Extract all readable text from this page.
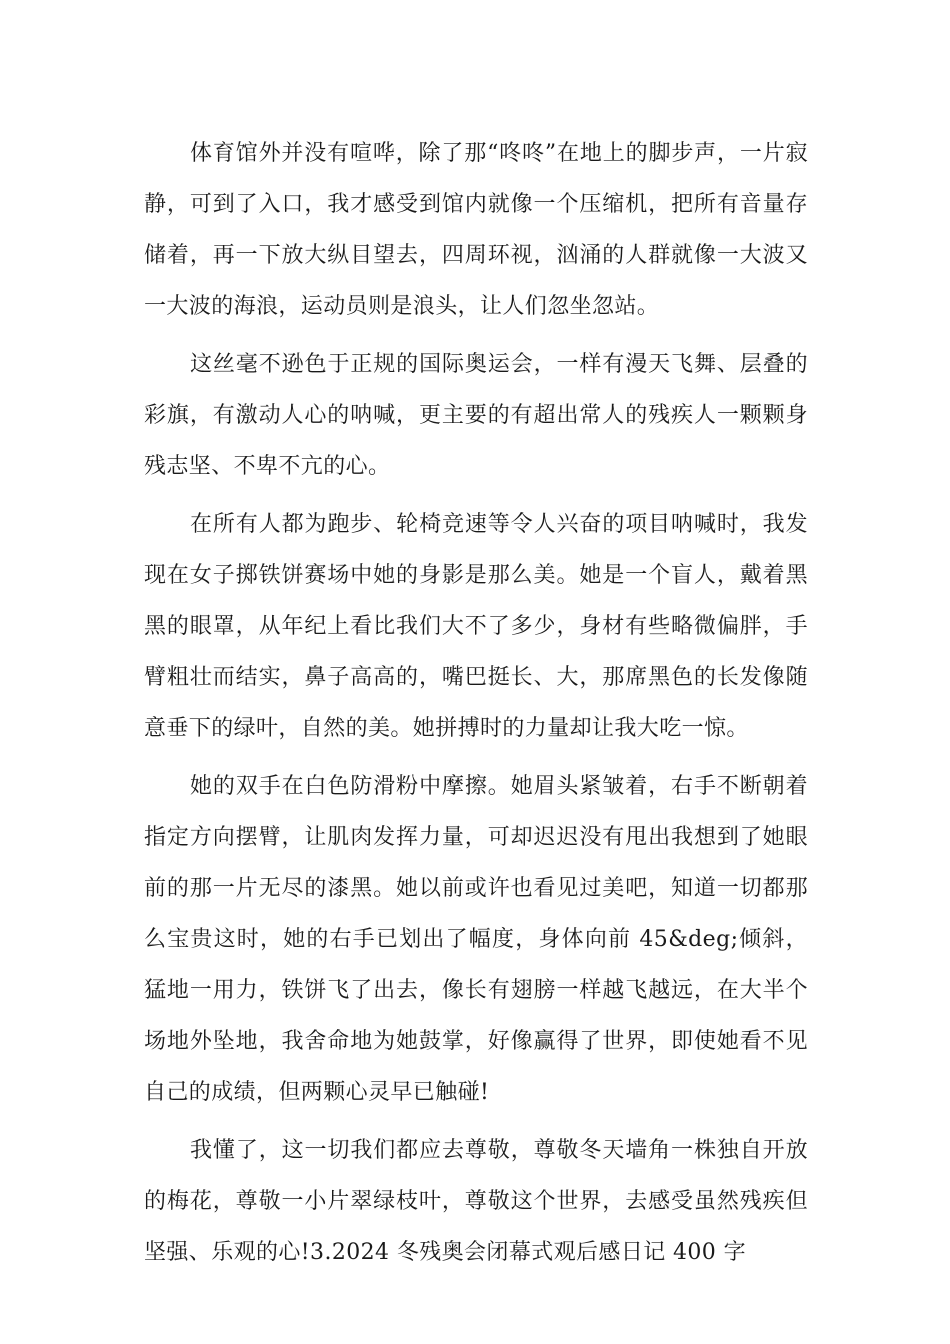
体育馆外并没有喧哗，除了那“咚咚”在地上的脚步声，一片寂静，可到了入口，我才感受到馆内就像一个压缩机，把所有音量存储着，再一下放大纵目望去，四周环视，汹涌的人群就像一大波又一大波的海浪，运动员则是浪头，让人们忽坐忽站。

这丝毫不逊色于正规的国际奥运会，一样有漫天飞舞、层叠的彩旗，有激动人心的呐喊，更主要的有超出常人的残疾人一颗颗身残志坚、不卑不亢的心。

在所有人都为跑步、轮椅竞速等令人兴奋的项目呐喊时，我发现在女子掷铁饼赛场中她的身影是那么美。她是一个盲人，戴着黑黑的眼罩，从年纪上看比我们大不了多少，身材有些略微偏胖，手臂粗壮而结实，鼻子高高的，嘴巴挺长、大，那席黑色的长发像随意垂下的绿叶，自然的美。她拼搏时的力量却让我大吃一惊。

她的双手在白色防滑粉中摩擦。她眉头紧皱着，右手不断朝着指定方向摆臂，让肌肉发挥力量，可却迟迟没有甩出我想到了她眼前的那一片无尽的漆黑。她以前或许也看见过美吧，知道一切都那么宝贵这时，她的右手已划出了幅度，身体向前 45&deg;倾斜，猛地一用力，铁饼飞了出去，像长有翅膀一样越飞越远，在大半个场地外坠地，我舍命地为她鼓掌，好像赢得了世界，即使她看不见自己的成绩，但两颗心灵早已触碰!

我懂了，这一切我们都应去尊敬，尊敬冬天墙角一株独自开放的梅花，尊敬一小片翠绿枝叶，尊敬这个世界，去感受虽然残疾但坚强、乐观的心!3.2024 冬残奥会闭幕式观后感日记 400 字
